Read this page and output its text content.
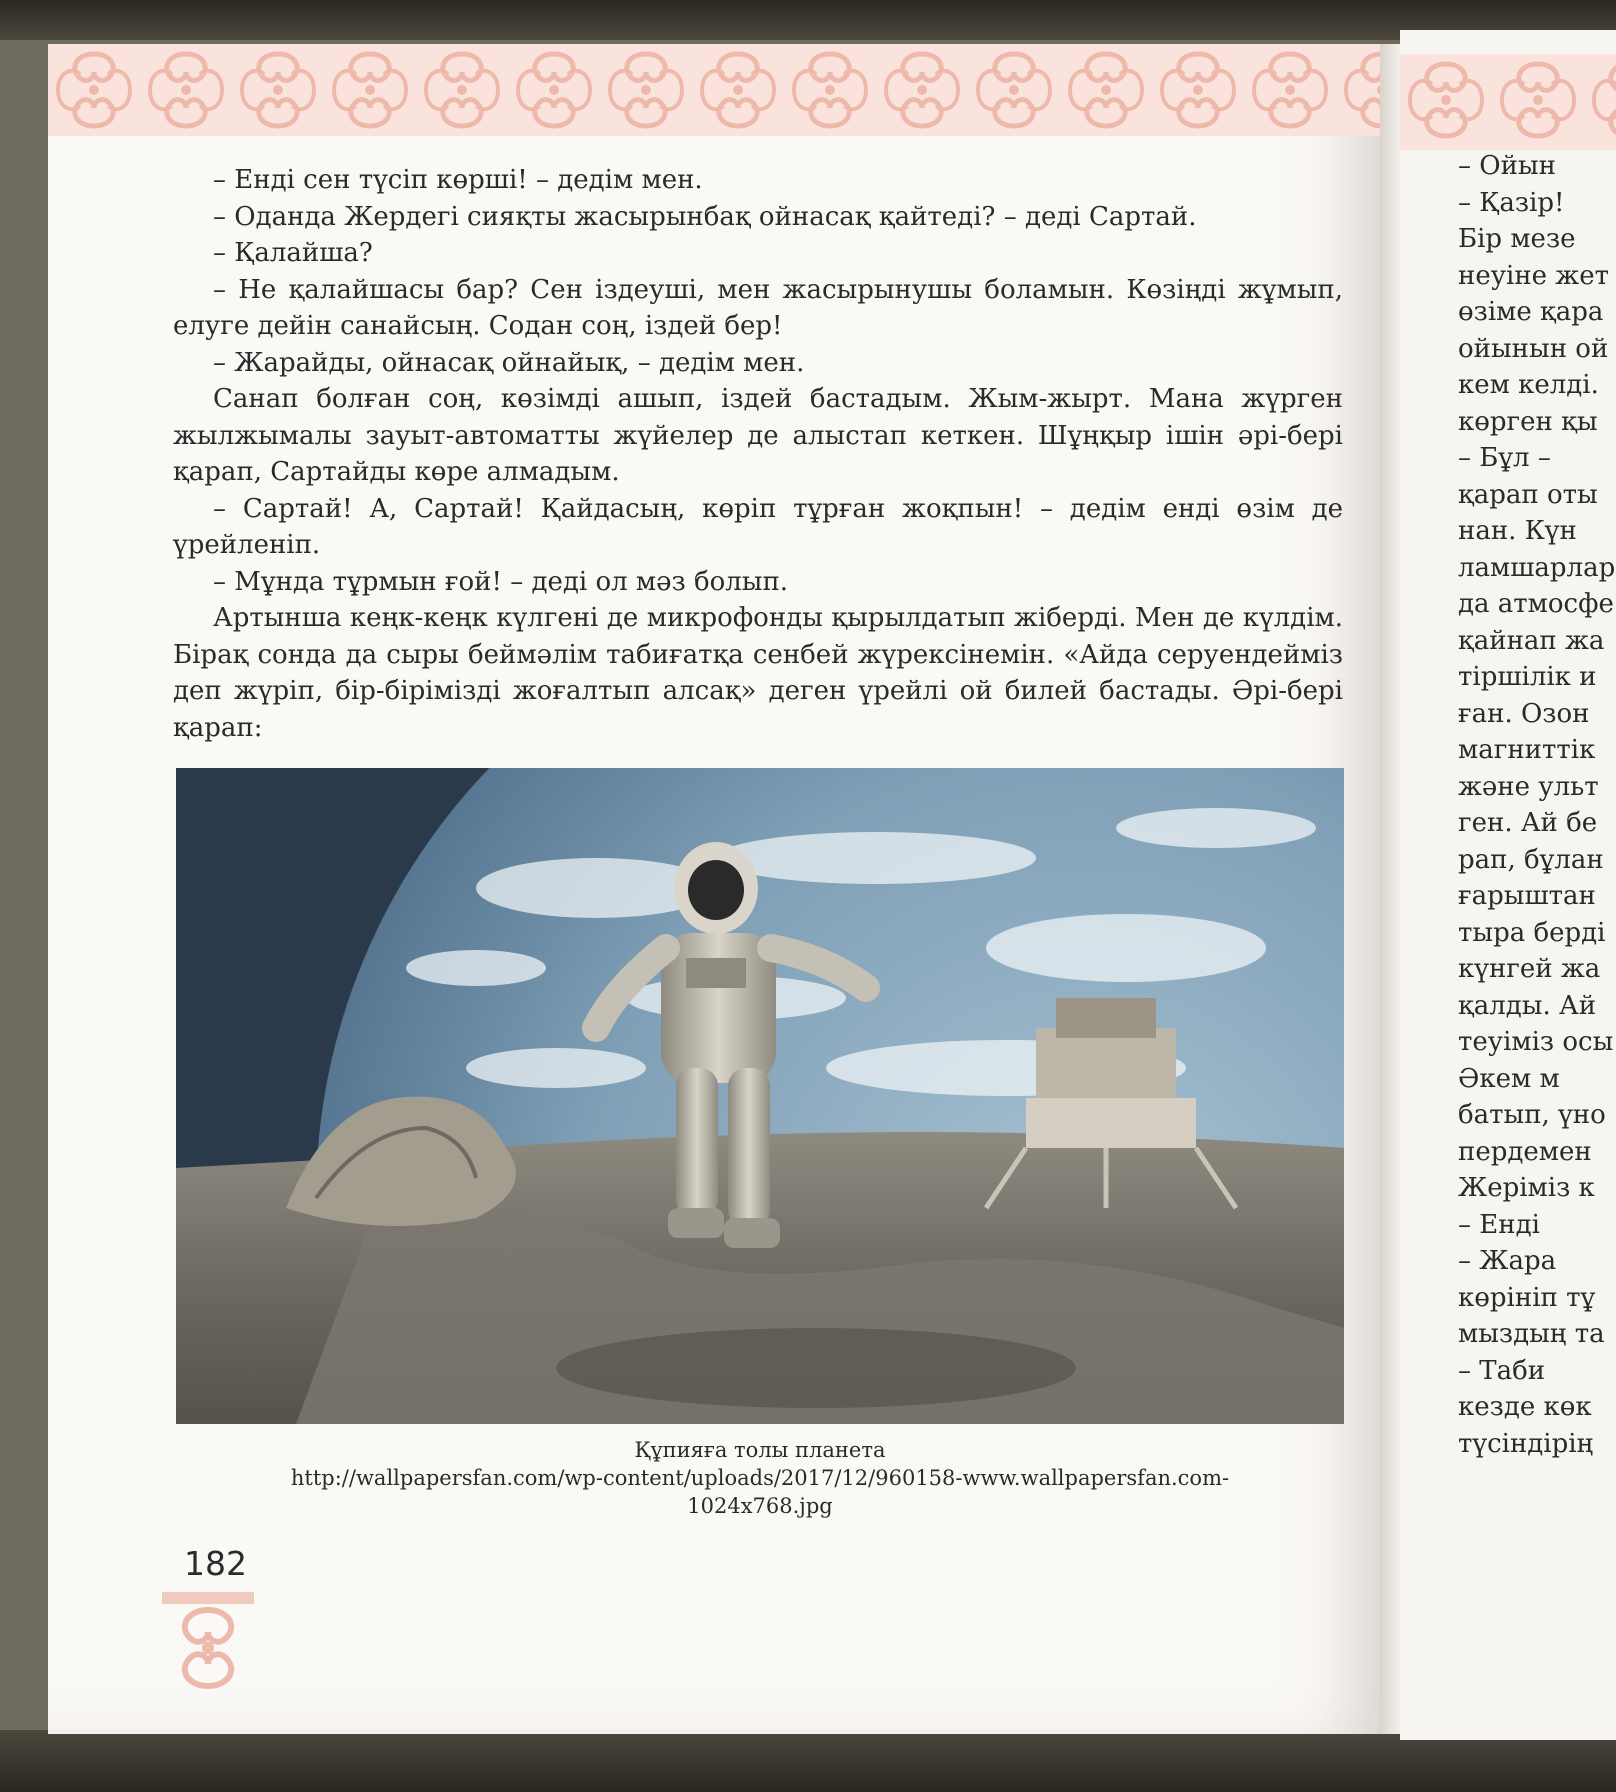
– Енді сен түсіп көрші! – дедім мен.

– Оданда Жердегі сияқты жасырынбақ ойнасақ қайтеді? – деді Сартай.

– Қалайша?

– Не қалайшасы бар? Сен іздеуші, мен жасырынушы боламын. Көзіңді жұмып, елуге дейін санайсың. Содан соң, іздей бер!

– Жарайды, ойнасақ ойнайық, – дедім мен.

Санап болған соң, көзімді ашып, іздей бастадым. Жым-жырт. Мана жүрген жылжымалы зауыт-автоматты жүйелер де алыстап кеткен. Шұңқыр ішін әрі-бері қарап, Сартайды көре алмадым.

– Сартай! А, Сартай! Қайдасың, көріп тұрған жоқпын! – дедім енді өзім де үрейленіп.

– Мұнда тұрмын ғой! – деді ол мәз болып.

Артынша кеңк-кеңк күлгені де микрофонды қырылдатып жіберді. Мен де күлдім. Бірақ сонда да сыры беймәлім табиғатқа сенбей жүрексінемін. «Айда серуендейміз деп жүріп, бір-бірімізді жоғалтып алсақ» деген үрейлі ой билей бастады. Әрі-бері қарап:

Құпияға толы планета
http://wallpapersfan.com/wp-content/uploads/2017/12/960158-www.wallpapersfan.com-
1024x768.jpg
182
– Ойын
– Қазір!
Бір мезе
неуіне жет
өзіме қара
ойынын ой
кем келді.
көрген қы
– Бұл –
қарап оты
нан. Күн
ламшарлар
да атмосфе
қайнап жа
тіршілік и
ған. Озон
магниттік
және ульт
ген. Ай бе
рап, бұлан
ғарыштан
тыра берді
күнгей жа
қалды. Ай
теуіміз осы
Әкем м
батып, үно
пердемен
Жеріміз к
– Енді
– Жара
көрініп тұ
мыздың та
– Таби
кезде көк
түсіндірің
